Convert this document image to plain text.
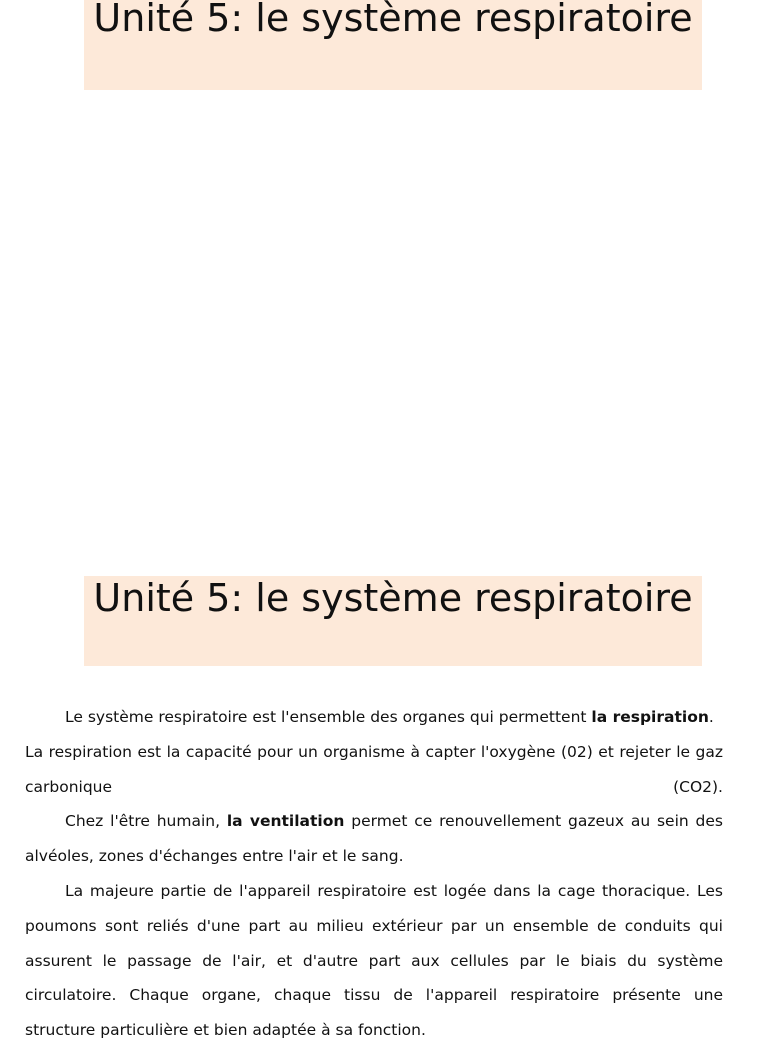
Unité 5: le système respiratoire
Unité 5: le système respiratoire

Le système respiratoire est l'ensemble des organes qui permettent la respiration.

La respiration est la capacité pour un organisme à capter l'oxygène (02) et rejeter le gaz carbonique (CO2).

Chez l'être humain, la ventilation permet ce renouvellement gazeux au sein des alvéoles, zones d'échanges entre l'air et le sang.

La majeure partie de l'appareil respiratoire est logée dans la cage thoracique. Les poumons sont reliés d'une part au milieu extérieur par un ensemble de conduits qui assurent le passage de l'air, et d'autre part aux cellules par le biais du système circulatoire. Chaque organe, chaque tissu de l'appareil respiratoire présente une structure particulière et bien adaptée à sa fonction.
